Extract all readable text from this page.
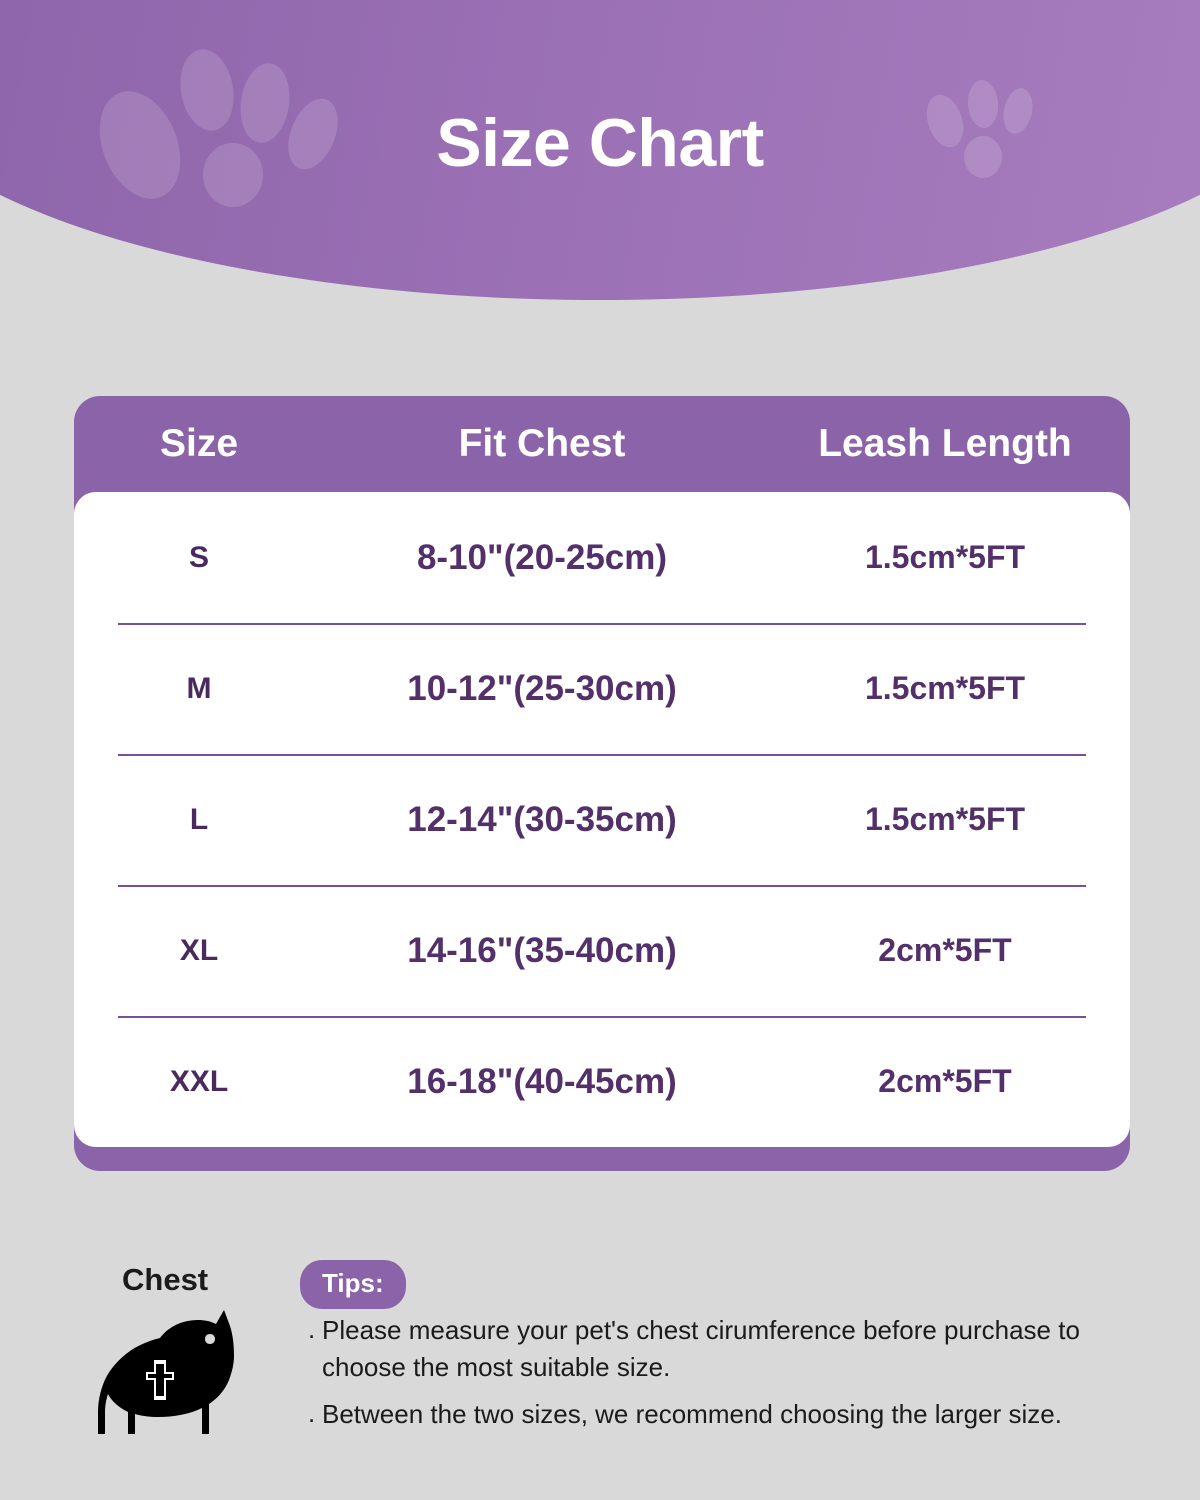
Size Chart
Size	Fit Chest	Leash Length
S	8-10"(20-25cm)	1.5cm*5FT
M	10-12"(25-30cm)	1.5cm*5FT
L	12-14"(30-35cm)	1.5cm*5FT
XL	14-16"(35-40cm)	2cm*5FT
XXL	16-18"(40-45cm)	2cm*5FT
Chest	Tips:
. Please measure your pet's chest cirumference before purchase to choose the most suitable size.
. Between the two sizes, we recommend choosing the larger size.
